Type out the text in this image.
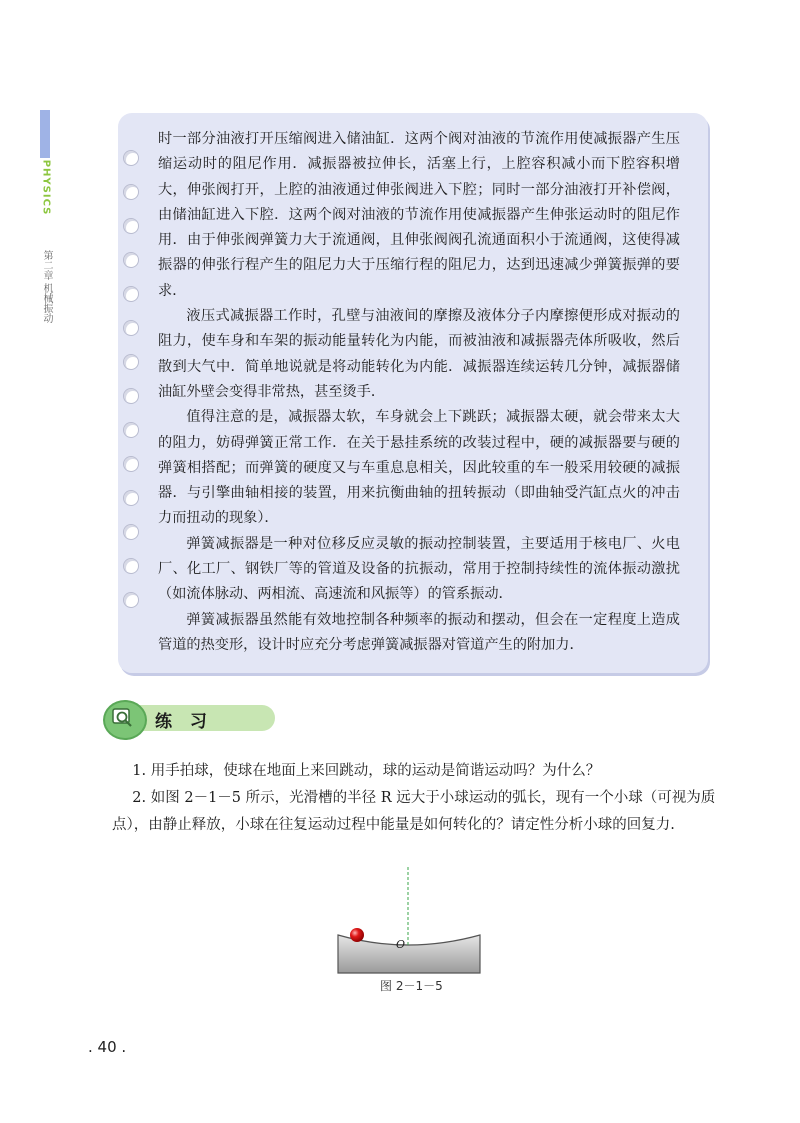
PHYSICS
第二章 机械振动

时一部分油液打开压缩阀进入储油缸．这两个阀对油液的节流作用使减振器产生压缩运动时的阻尼作用．减振器被拉伸长，活塞上行，上腔容积减小而下腔容积增大，伸张阀打开，上腔的油液通过伸张阀进入下腔；同时一部分油液打开补偿阀，由储油缸进入下腔．这两个阀对油液的节流作用使减振器产生伸张运动时的阻尼作用．由于伸张阀弹簧力大于流通阀，且伸张阀阀孔流通面积小于流通阀，这使得减振器的伸张行程产生的阻尼力大于压缩行程的阻尼力，达到迅速减少弹簧振弹的要求．

液压式减振器工作时，孔壁与油液间的摩擦及液体分子内摩擦便形成对振动的阻力，使车身和车架的振动能量转化为内能，而被油液和减振器壳体所吸收，然后散到大气中．简单地说就是将动能转化为内能．减振器连续运转几分钟，减振器储油缸外壁会变得非常热，甚至烫手．

值得注意的是，减振器太软，车身就会上下跳跃；减振器太硬，就会带来太大的阻力，妨碍弹簧正常工作．在关于悬挂系统的改装过程中，硬的减振器要与硬的弹簧相搭配；而弹簧的硬度又与车重息息相关，因此较重的车一般采用较硬的减振器．与引擎曲轴相接的装置，用来抗衡曲轴的扭转振动（即曲轴受汽缸点火的冲击力而扭动的现象）．

弹簧减振器是一种对位移反应灵敏的振动控制装置，主要适用于核电厂、火电厂、化工厂、钢铁厂等的管道及设备的抗振动，常用于控制持续性的流体振动激扰（如流体脉动、两相流、高速流和风振等）的管系振动．

弹簧减振器虽然能有效地控制各种频率的振动和摆动，但会在一定程度上造成管道的热变形，设计时应充分考虑弹簧减振器对管道产生的附加力．

练 习

1. 用手拍球，使球在地面上来回跳动，球的运动是简谐运动吗？为什么？

2. 如图 2－1－5 所示，光滑槽的半径 R 远大于小球运动的弧长，现有一个小球（可视为质点），由静止释放，小球在往复运动过程中能量是如何转化的？请定性分析小球的回复力.

O
图 2－1－5
. 40 .
